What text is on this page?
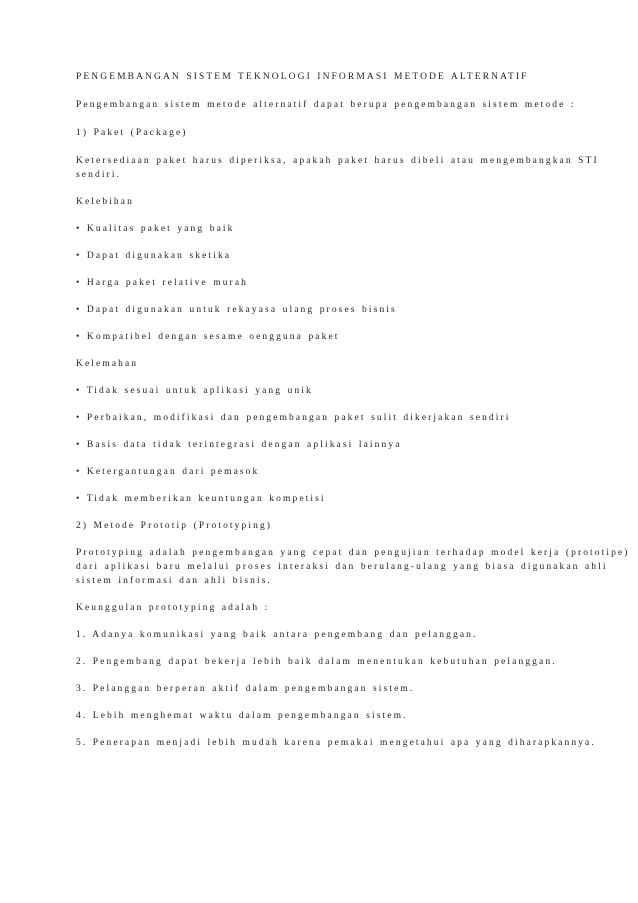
PENGEMBANGAN SISTEM TEKNOLOGI INFORMASI METODE ALTERNATIF

Pengembangan sistem metode alternatif dapat berupa pengembangan sistem metode :

1) Paket (Package)

Ketersediaan paket harus diperiksa, apakah paket harus dibeli atau mengembangkan STI

sendiri.

Kelebihan

• Kualitas paket yang baik

• Dapat digunakan sketika

• Harga paket relative murah

• Dapat digunakan untuk rekayasa ulang proses bisnis

• Kompatibel dengan sesame oengguna paket

Kelemahan

• Tidak sesuai untuk aplikasi yang unik

• Perbaikan, modifikasi dan pengembangan paket sulit dikerjakan sendiri

• Basis data tidak terintegrasi dengan aplikasi lainnya

• Ketergantungan dari pemasok

• Tidak memberikan keuntungan kompetisi

2) Metode Prototip (Prototyping)

Prototyping adalah pengembangan yang cepat dan pengujian terhadap model kerja (prototipe)

dari aplikasi baru melalui proses interaksi dan berulang-ulang yang biasa digunakan ahli

sistem informasi dan ahli bisnis.

Keunggulan prototyping adalah :

1. Adanya komunikasi yang baik antara pengembang dan pelanggan.

2. Pengembang dapat bekerja lebih baik dalam menentukan kebutuhan pelanggan.

3. Pelanggan berperan aktif dalam pengembangan sistem.

4. Lebih menghemat waktu dalam pengembangan sistem.

5. Penerapan menjadi lebih mudah karena pemakai mengetahui apa yang diharapkannya.
